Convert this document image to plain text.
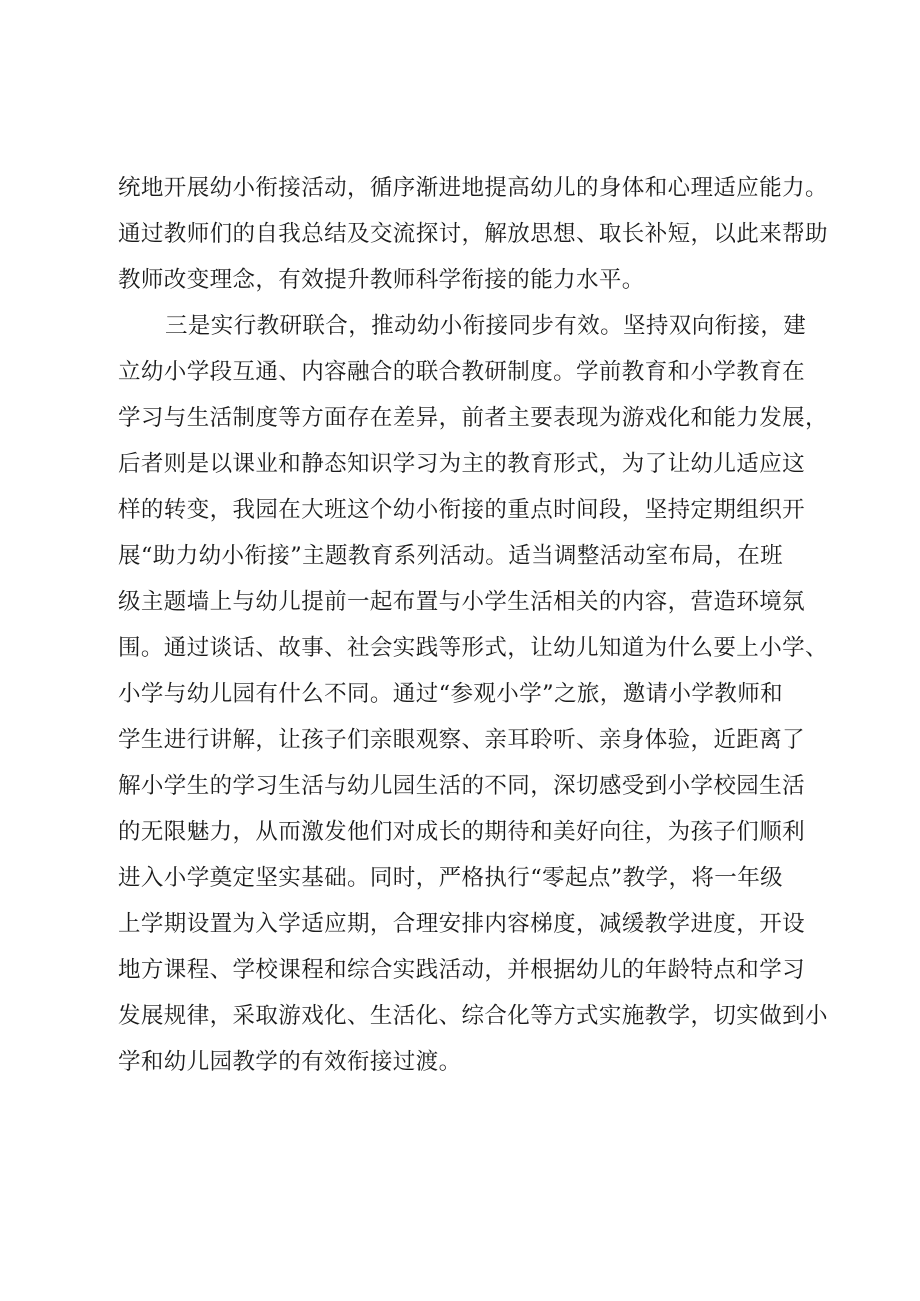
统地开展幼小衔接活动，循序渐进地提高幼儿的身体和心理适应能力。
通过教师们的自我总结及交流探讨，解放思想、取长补短，以此来帮助
教师改变理念，有效提升教师科学衔接的能力水平。
三是实行教研联合，推动幼小衔接同步有效。坚持双向衔接，建
立幼小学段互通、内容融合的联合教研制度。学前教育和小学教育在
学习与生活制度等方面存在差异，前者主要表现为游戏化和能力发展，
后者则是以课业和静态知识学习为主的教育形式，为了让幼儿适应这
样的转变，我园在大班这个幼小衔接的重点时间段，坚持定期组织开
展“助力幼小衔接”主题教育系列活动。适当调整活动室布局，在班
级主题墙上与幼儿提前一起布置与小学生活相关的内容，营造环境氛
围。通过谈话、故事、社会实践等形式，让幼儿知道为什么要上小学、
小学与幼儿园有什么不同。通过“参观小学”之旅，邀请小学教师和
学生进行讲解，让孩子们亲眼观察、亲耳聆听、亲身体验，近距离了
解小学生的学习生活与幼儿园生活的不同，深切感受到小学校园生活
的无限魅力，从而激发他们对成长的期待和美好向往，为孩子们顺利
进入小学奠定坚实基础。同时，严格执行“零起点”教学，将一年级
上学期设置为入学适应期，合理安排内容梯度，减缓教学进度，开设
地方课程、学校课程和综合实践活动，并根据幼儿的年龄特点和学习
发展规律，采取游戏化、生活化、综合化等方式实施教学，切实做到小
学和幼儿园教学的有效衔接过渡。
